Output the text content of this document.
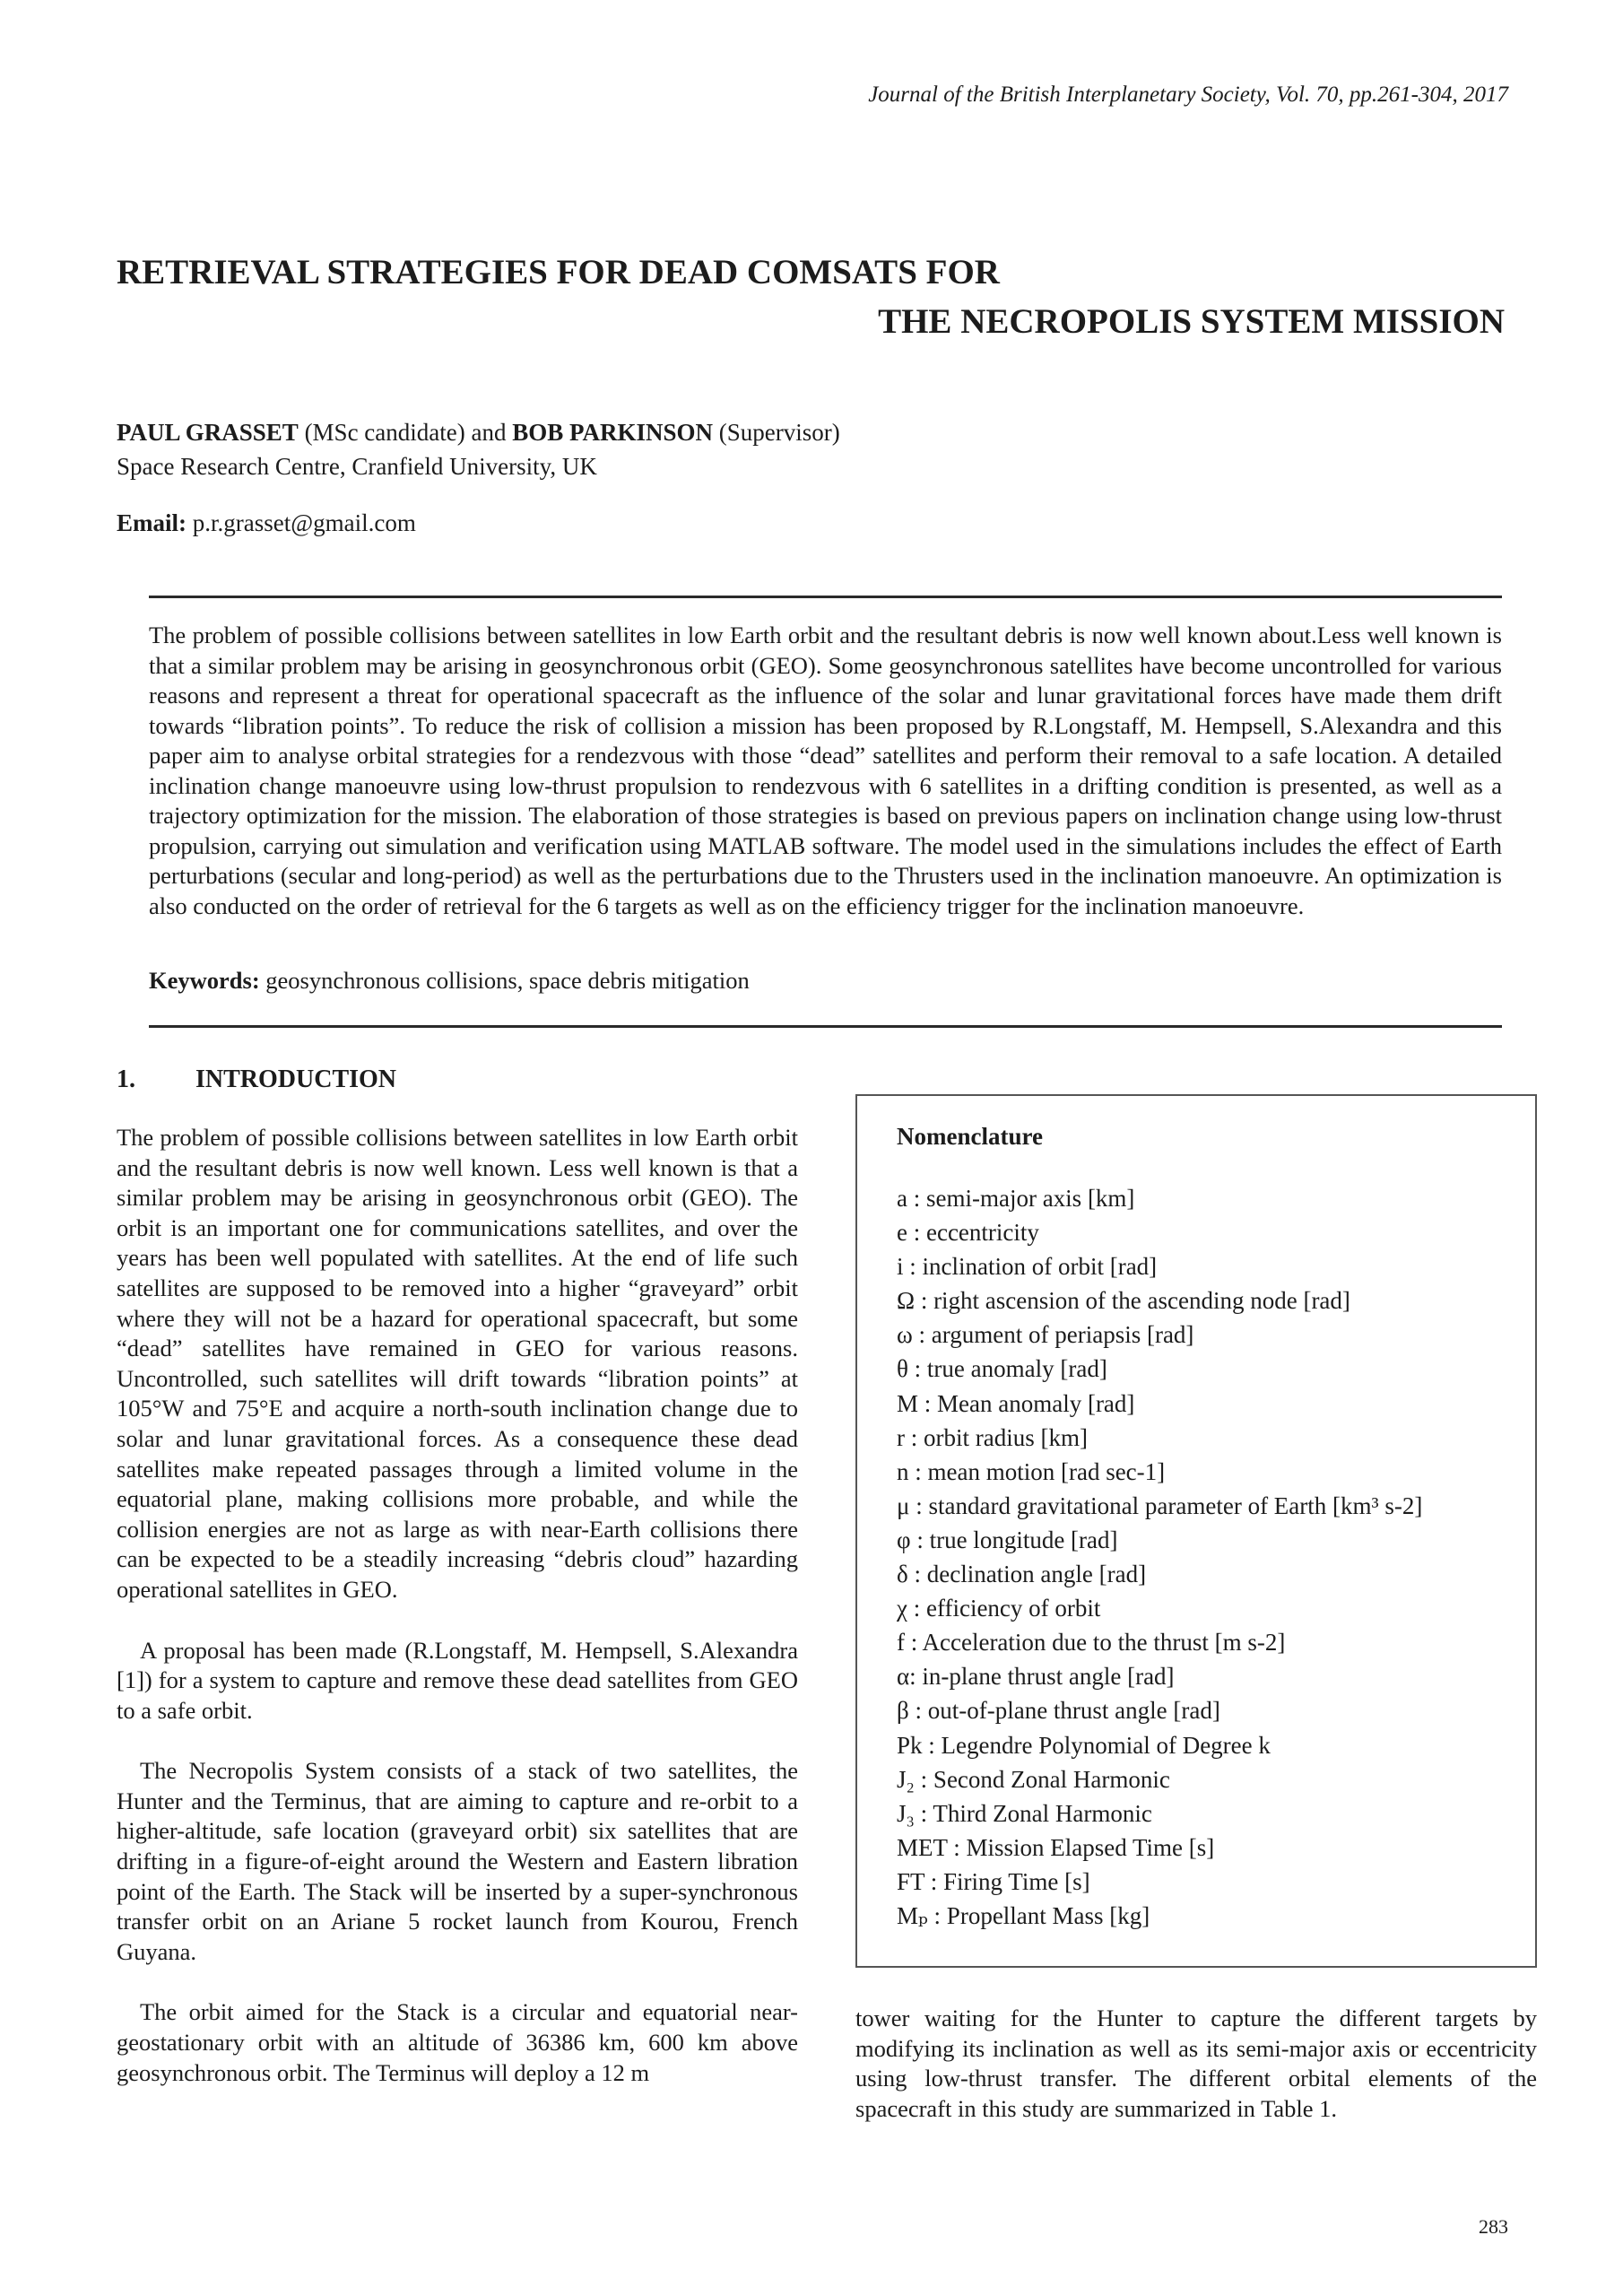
Journal of the British Interplanetary Society, Vol. 70, pp.261-304, 2017
RETRIEVAL STRATEGIES FOR DEAD COMSATS FOR
THE NECROPOLIS SYSTEM MISSION
PAUL GRASSET (MSc candidate) and BOB PARKINSON (Supervisor)
Space Research Centre, Cranfield University, UK
Email: p.r.grasset@gmail.com
The problem of possible collisions between satellites in low Earth orbit and the resultant debris is now well known about.Less well known is that a similar problem may be arising in geosynchronous orbit (GEO). Some geosynchronous satellites have become uncontrolled for various reasons and represent a threat for operational spacecraft as the influence of the solar and lunar gravitational forces have made them drift towards “libration points”. To reduce the risk of collision a mission has been proposed by R.Longstaff, M. Hempsell, S.Alexandra and this paper aim to analyse orbital strategies for a rendezvous with those “dead” satellites and perform their removal to a safe location. A detailed inclination change manoeuvre using low-thrust propulsion to rendezvous with 6 satellites in a drifting condition is presented, as well as a trajectory optimization for the mission. The elaboration of those strategies is based on previous papers on inclination change using low-thrust propulsion, carrying out simulation and verification using MATLAB software. The model used in the simulations includes the effect of Earth perturbations (secular and long-period) as well as the perturbations due to the Thrusters used in the inclination manoeuvre. An optimization is also conducted on the order of retrieval for the 6 targets as well as on the efficiency trigger for the inclination manoeuvre.
Keywords: geosynchronous collisions, space debris mitigation
1. INTRODUCTION

The problem of possible collisions between satellites in low Earth orbit and the resultant debris is now well known. Less well known is that a similar problem may be arising in geosynchronous orbit (GEO). The orbit is an important one for communications satellites, and over the years has been well populated with satellites. At the end of life such satellites are supposed to be removed into a higher “graveyard” orbit where they will not be a hazard for operational spacecraft, but some “dead” satellites have remained in GEO for various reasons. Uncontrolled, such satellites will drift towards “libration points” at 105°W and 75°E and acquire a north-south inclination change due to solar and lunar gravitational forces. As a consequence these dead satellites make repeated passages through a limited volume in the equatorial plane, making collisions more probable, and while the collision energies are not as large as with near-Earth collisions there can be expected to be a steadily increasing “debris cloud” hazarding operational satellites in GEO.

A proposal has been made (R.Longstaff, M. Hempsell, S.Alexandra [1]) for a system to capture and remove these dead satellites from GEO to a safe orbit.

The Necropolis System consists of a stack of two satellites, the Hunter and the Terminus, that are aiming to capture and re-orbit to a higher-altitude, safe location (graveyard orbit) six satellites that are drifting in a figure-of-eight around the Western and Eastern libration point of the Earth. The Stack will be inserted by a super-synchronous transfer orbit on an Ariane 5 rocket launch from Kourou, French Guyana.

The orbit aimed for the Stack is a circular and equatorial near-geostationary orbit with an altitude of 36386 km, 600 km above geosynchronous orbit. The Terminus will deploy a 12 m

Nomenclature
a : semi-major axis [km]
e : eccentricity
i : inclination of orbit [rad]
Ω : right ascension of the ascending node [rad]
ω : argument of periapsis [rad]
θ : true anomaly [rad]
M : Mean anomaly [rad]
r : orbit radius [km]
n : mean motion [rad sec-1]
μ : standard gravitational parameter of Earth [km³ s-2]
φ : true longitude [rad]
δ : declination angle [rad]
χ : efficiency of orbit
f : Acceleration due to the thrust [m s-2]
α: in-plane thrust angle [rad]
β : out-of-plane thrust angle [rad]
Pk : Legendre Polynomial of Degree k
J₂ : Second Zonal Harmonic
J₃ : Third Zonal Harmonic
MET : Mission Elapsed Time [s]
FT : Firing Time [s]
Mₚ : Propellant Mass [kg]

tower waiting for the Hunter to capture the different targets by modifying its inclination as well as its semi-major axis or eccentricity using low-thrust transfer. The different orbital elements of the spacecraft in this study are summarized in Table 1.

283
